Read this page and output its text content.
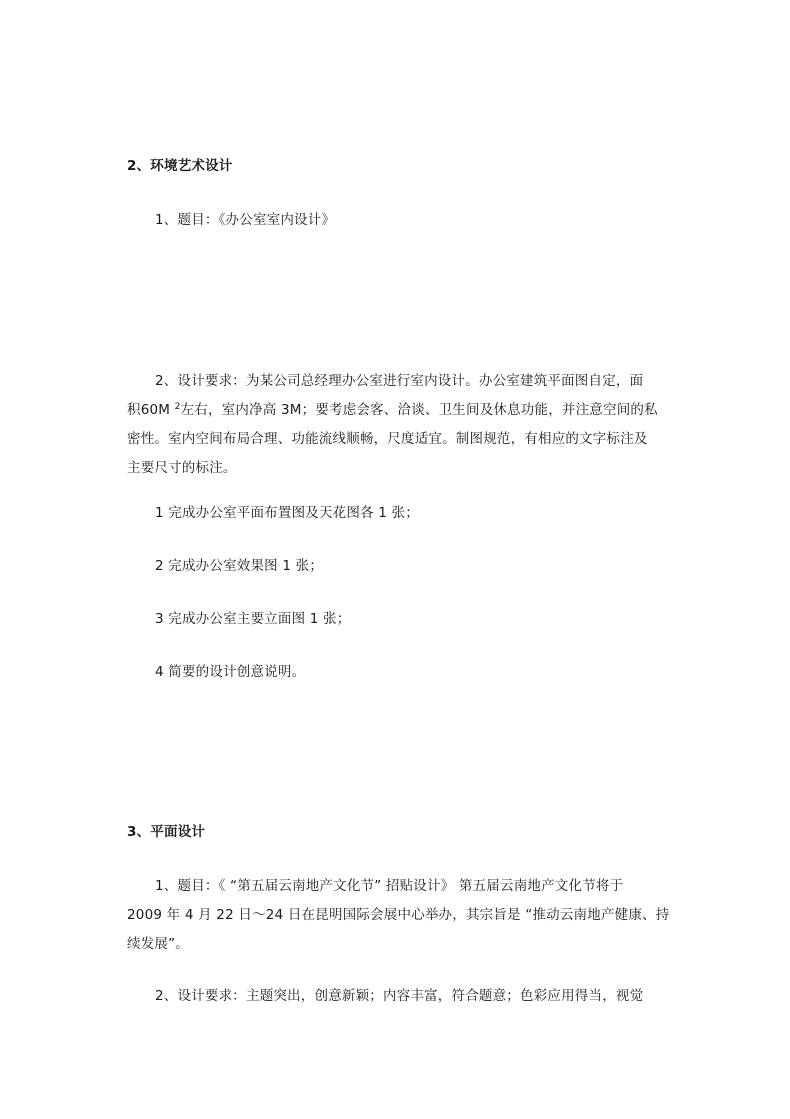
2、环境艺术设计
1、题目：《办公室室内设计》
2、设计要求：为某公司总经理办公室进行室内设计。办公室建筑平面图自定，面
积60M $^2$左右，室内净高 3M；要考虑会客、洽谈、卫生间及休息功能，并注意空间的私
密性。室内空间布局合理、功能流线顺畅，尺度适宜。制图规范，有相应的文字标注及
主要尺寸的标注。
1 完成办公室平面布置图及天花图各 1 张；
2 完成办公室效果图 1 张；
3 完成办公室主要立面图 1 张；
4 简要的设计创意说明。
3、平面设计
1、题目：《 “第五届云南地产文化节” 招贴设计》 第五届云南地产文化节将于
2009 年 4 月 22 日～24 日在昆明国际会展中心举办，其宗旨是 “推动云南地产健康、持
续发展”。
2、设计要求：主题突出，创意新颖；内容丰富，符合题意；色彩应用得当，视觉
